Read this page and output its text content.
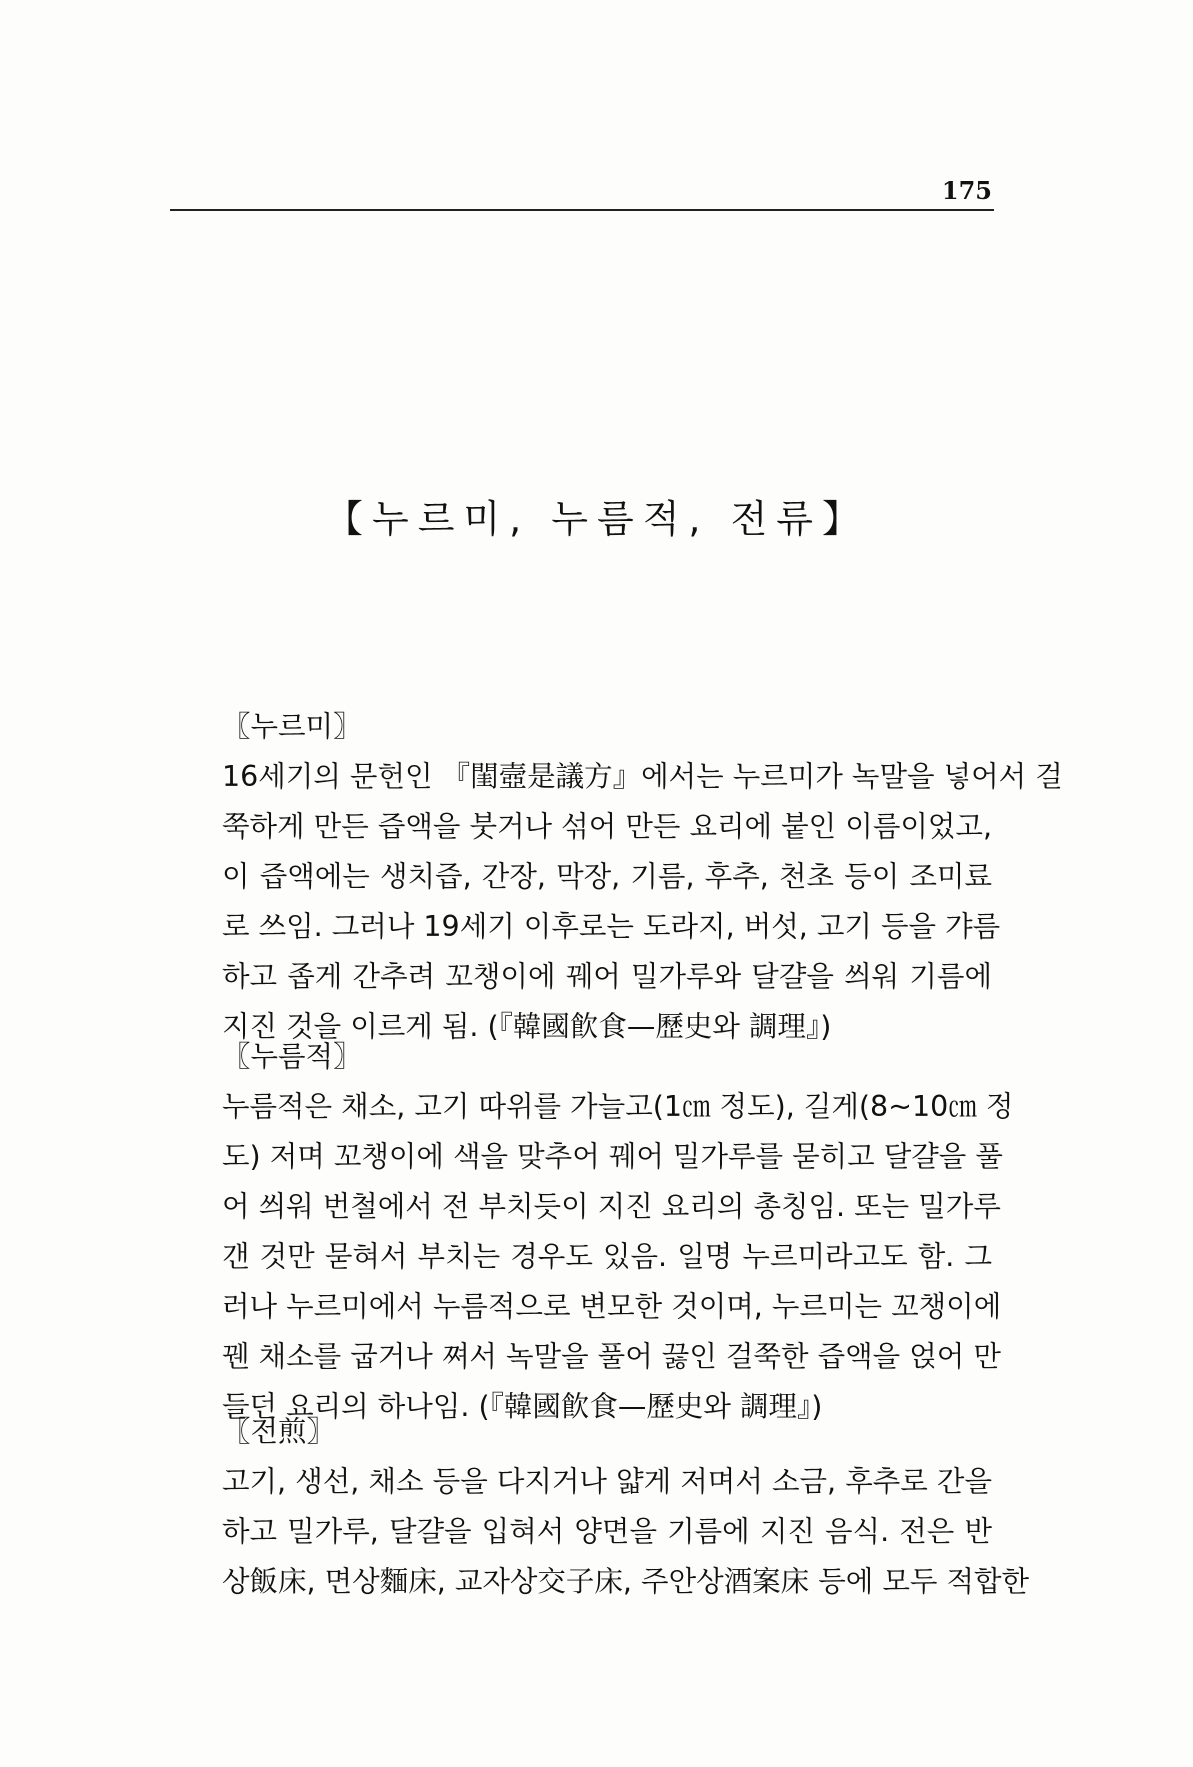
175
【누르미, 누름적, 전류】
〖누르미〗
16세기의 문헌인 『閨壼是議方』에서는 누르미가 녹말을 넣어서 걸
쭉하게 만든 즙액을 붓거나 섞어 만든 요리에 붙인 이름이었고,
이 즙액에는 생치즙, 간장, 막장, 기름, 후추, 천초 등이 조미료
로 쓰임. 그러나 19세기 이후로는 도라지, 버섯, 고기 등을 갸름
하고 좁게 간추려 꼬챙이에 꿰어 밀가루와 달걀을 씌워 기름에
지진 것을 이르게 됨. (『韓國飮食—歷史와 調理』)
〖누름적〗
누름적은 채소, 고기 따위를 가늘고(1㎝ 정도), 길게(8~10㎝ 정
도) 저며 꼬챙이에 색을 맞추어 꿰어 밀가루를 묻히고 달걀을 풀
어 씌워 번철에서 전 부치듯이 지진 요리의 총칭임. 또는 밀가루
갠 것만 묻혀서 부치는 경우도 있음. 일명 누르미라고도 함. 그
러나 누르미에서 누름적으로 변모한 것이며, 누르미는 꼬챙이에
꿴 채소를 굽거나 쪄서 녹말을 풀어 끓인 걸쭉한 즙액을 얹어 만
들던 요리의 하나임. (『韓國飮食—歷史와 調理』)
〖전煎〗
고기, 생선, 채소 등을 다지거나 얇게 저며서 소금, 후추로 간을
하고 밀가루, 달걀을 입혀서 양면을 기름에 지진 음식. 전은 반
상飯床, 면상麵床, 교자상交子床, 주안상酒案床 등에 모두 적합한
